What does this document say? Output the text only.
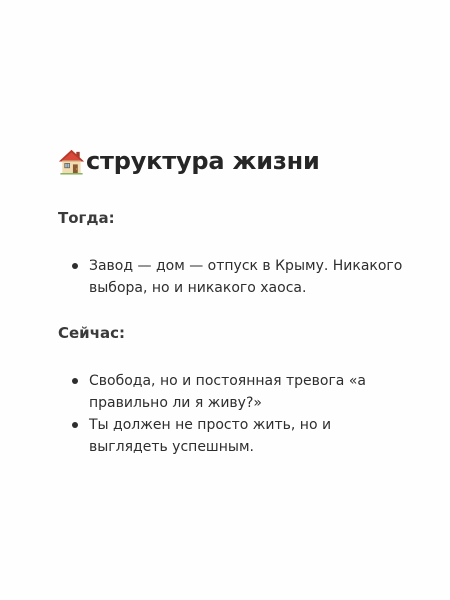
структура жизни
Тогда:
Завод — дом — отпуск в Крыму. Никакого выбора, но и никакого хаоса.
Сейчас:
Свобода, но и постоянная тревога «а правильно ли я живу?»
Ты должен не просто жить, но и выглядеть успешным.
